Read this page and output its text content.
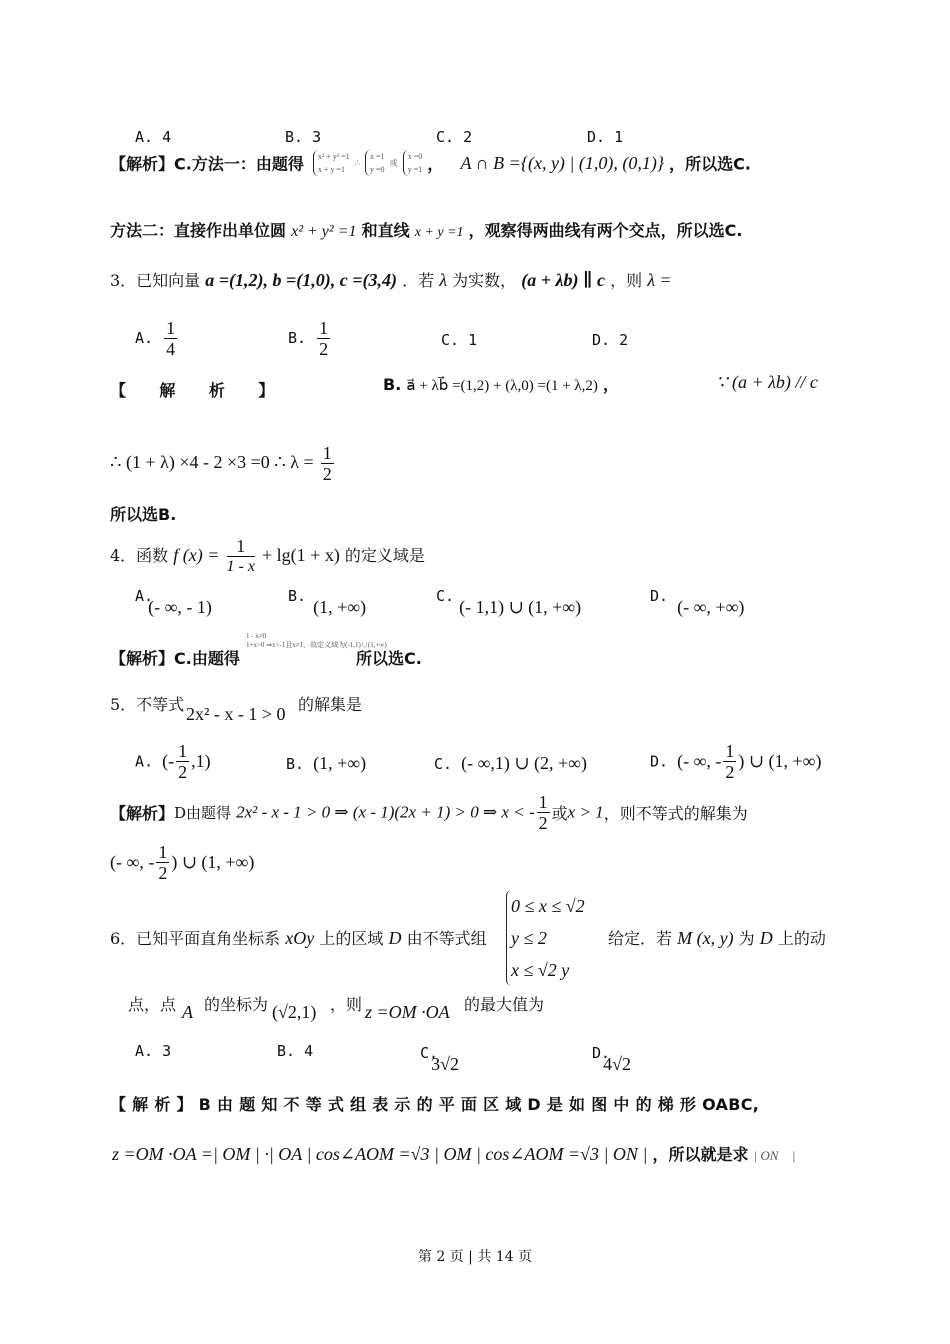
A. 4	B. 3	C. 2	D. 1
【解析】C.方法一：由题得 x² + y² =1
x + y =1
∴
x =1
y =0
或
x =0
y =1 ， A ∩ B ={(x, y) | (1,0), (0,1)} ，所以选C.
方法二：直接作出单位圆 x² + y² =1 和直线 x + y =1 ，观察得两曲线有两个交点，所以选C.
3．已知向量 a =(1,2), b =(1,0), c =(3,4) ．若 λ 为实数， (a + λb) ∥ c ，则 λ =
A. $\frac{1}{4}$	B. $\frac{1}{2}$	C. 1	D. 2
【      解      析      】	B. a⃗ + λb⃗ =(1,2) + (λ,0) =(1 + λ,2) ，	∵ (a + λb) // c
∴ (1 + λ) ×4 - 2 ×3 =0 ∴ $\lambda = \frac{1}{2}$
所以选B.
4．函数 f $(x) = \frac{1}{1 - x} + \lg(1 + x)$ 的定义域是
A. (- ∞, - 1)
B. (1, +∞)
C. (- 1,1) ∪ (1, +∞)
D. (- ∞, +∞)
【解析】C.由题得
1 - x≠0
1+x>0 ⇒x>-1且x≠1，故定义域为(-1,1)∪(1,+∞)
所以选C.
5．不等式 2x² - x - 1 > 0 的解集是
A. (- $\frac{1}{2} ,1$)	B. (1, +∞)	C. (- ∞,1) ∪ (2, +∞)	D. (- ∞, - $\frac{1}{2}$ ) ∪ (1, +∞)
【解析】D由题得 2x² - x - 1 > 0 ⇒ (x - 1)(2x + 1) > 0 ⇒ x < - $\frac{1}{2}$ 或x > 1，则不等式的解集为
(- ∞, - $\frac{1}{2}$ ) ∪ (1, +∞)
6．已知平面直角坐标系 xOy 上的区域 D 由不等式组
0 ≤ x ≤ √2
y ≤ 2
x ≤ √2 y
给定．若 M (x, y) 为 D 上的动
点，点 A 的坐标为 (√2,1) ，则 z =OM ·OA 的最大值为
A. 3	B. 4	C. 3√2
D. 4√2
【 解 析 】 B 由 题 知 不 等 式 组 表 示 的 平 面 区 域 D 是 如 图 中 的 梯 形 OABC,
z =OM ·OA =| OM | ·| OA | cos∠AOM =√3 | OM | cos∠AOM =√3 | ON | ，所以就是求 | ON⃗ |
第 2 页 | 共 14 页
